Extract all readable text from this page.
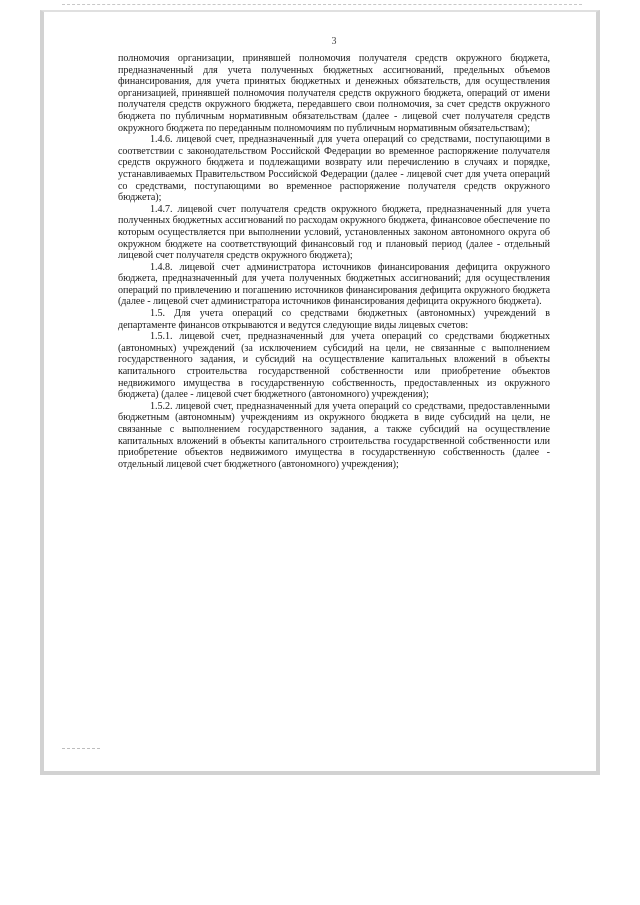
3

полномочия организации, принявшей полномочия получателя средств окружного бюджета, предназначенный для учета полученных бюджетных ассигнований, предельных объемов финансирования, для учета принятых бюджетных и денежных обязательств, для осуществления организацией, принявшей полномочия получателя средств окружного бюджета, операций от имени получателя средств окружного бюджета, передавшего свои полномочия, за счет средств окружного бюджета по публичным нормативным обязательствам (далее - лицевой счет получателя средств окружного бюджета по переданным полномочиям по публичным нормативным обязательствам);

1.4.6. лицевой счет, предназначенный для учета операций со средствами, поступающими в соответствии с законодательством Российской Федерации во временное распоряжение получателя средств окружного бюджета и подлежащими возврату или перечислению в случаях и порядке, устанавливаемых Правительством Российской Федерации (далее - лицевой счет для учета операций со средствами, поступающими во временное распоряжение получателя средств окружного бюджета);

1.4.7. лицевой счет получателя средств окружного бюджета, предназначенный для учета полученных бюджетных ассигнований по расходам окружного бюджета, финансовое обеспечение по которым осуществляется при выполнении условий, установленных законом автономного округа об окружном бюджете на соответствующий финансовый год и плановый период (далее - отдельный лицевой счет получателя средств окружного бюджета);

1.4.8. лицевой счет администратора источников финансирования дефицита окружного бюджета, предназначенный для учета полученных бюджетных ассигнований; для осуществления операций по привлечению и погашению источников финансирования дефицита окружного бюджета (далее - лицевой счет администратора источников финансирования дефицита окружного бюджета).

1.5. Для учета операций со средствами бюджетных (автономных) учреждений в департаменте финансов открываются и ведутся следующие виды лицевых счетов:

1.5.1. лицевой счет, предназначенный для учета операций со средствами бюджетных (автономных) учреждений (за исключением субсидий на цели, не связанные с выполнением государственного задания, и субсидий на осуществление капитальных вложений в объекты капитального строительства государственной собственности или приобретение объектов недвижимого имущества в государственную собственность, предоставленных из окружного бюджета) (далее - лицевой счет бюджетного (автономного) учреждения);

1.5.2. лицевой счет, предназначенный для учета операций со средствами, предоставленными бюджетным (автономным) учреждениям из окружного бюджета в виде субсидий на цели, не связанные с выполнением государственного задания, а также субсидий на осуществление капитальных вложений в объекты капитального строительства государственной собственности или приобретение объектов недвижимого имущества в государственную собственность (далее - отдельный лицевой счет бюджетного (автономного) учреждения);
